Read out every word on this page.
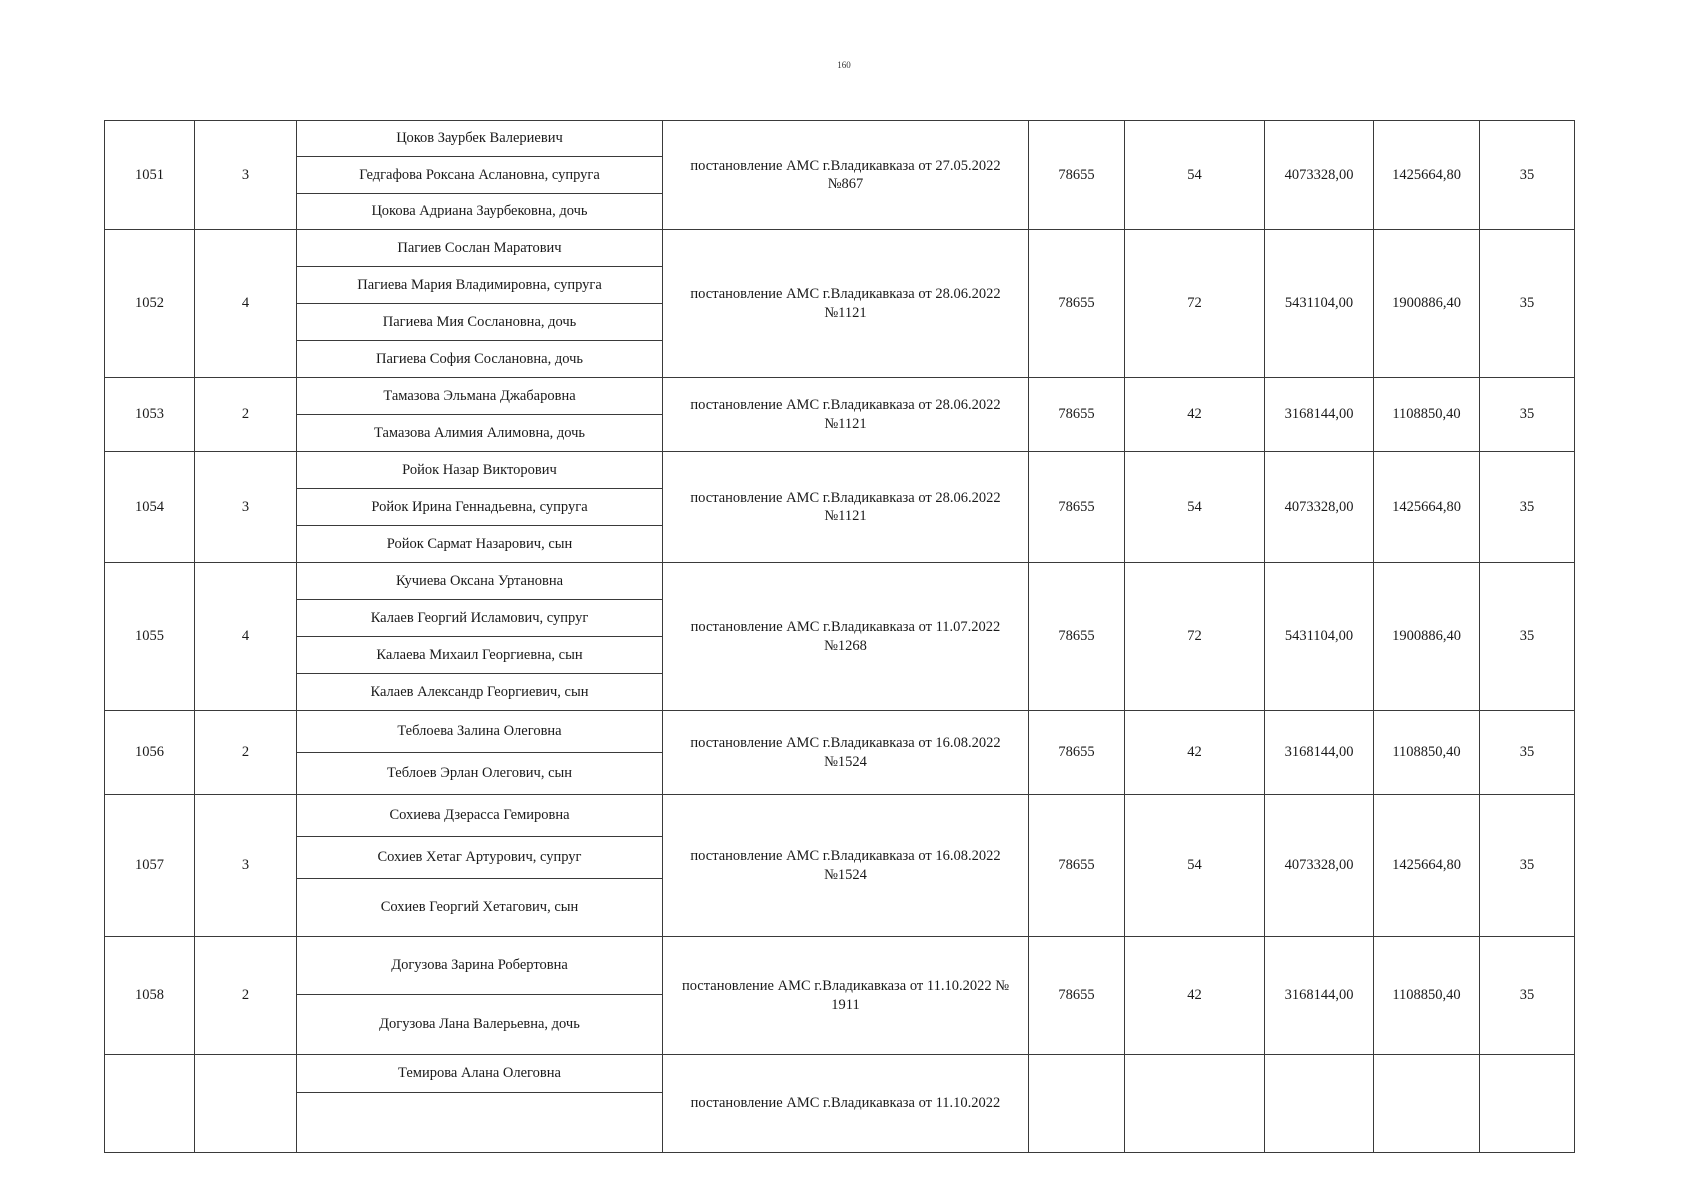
160
1051	3	Цоков Заурбек Валериевич	постановление АМС г.Владикавказа от 27.05.2022 №867	78655	54	4073328,00	1425664,80	35
		Гедгафова Роксана Аслановна, супруга						
		Цокова Адриана Заурбековна, дочь						
1052	4	Пагиев Сослан Маратович	постановление АМС г.Владикавказа от 28.06.2022 №1121	78655	72	5431104,00	1900886,40	35
		Пагиева Мария Владимировна, супруга						
		Пагиева Мия Сослановна, дочь						
		Пагиева София Сослановна, дочь						
1053	2	Тамазова Эльмана Джабаровна	постановление АМС г.Владикавказа от 28.06.2022 №1121	78655	42	3168144,00	1108850,40	35
		Тамазова Алимия Алимовна, дочь						
1054	3	Ройок Назар Викторович	постановление АМС г.Владикавказа от 28.06.2022 №1121	78655	54	4073328,00	1425664,80	35
		Ройок Ирина Геннадьевна, супруга						
		Ройок Сармат Назарович, сын						
1055	4	Кучиева Оксана Уртановна	постановление АМС г.Владикавказа от 11.07.2022 №1268	78655	72	5431104,00	1900886,40	35
		Калаев Георгий Исламович, супруг						
		Калаева Михаил Георгиевна, сын						
		Калаев Александр Георгиевич, сын						
1056	2	Теблоева Залина Олеговна	постановление АМС г.Владикавказа от 16.08.2022 №1524	78655	42	3168144,00	1108850,40	35
		Теблоев Эрлан Олегович, сын						
1057	3	Сохиева Дзерасса Гемировна	постановление АМС г.Владикавказа от 16.08.2022 №1524	78655	54	4073328,00	1425664,80	35
		Сохиев Хетаг Артурович, супруг						
		Сохиев Георгий Хетагович, сын						
1058	2	Догузова Зарина Робертовна	постановление АМС г.Владикавказа от 11.10.2022 № 1911	78655	42	3168144,00	1108850,40	35
		Догузова Лана Валерьевна, дочь						
		Темирова Алана Олеговна	постановление АМС г.Владикавказа от 11.10.2022					
